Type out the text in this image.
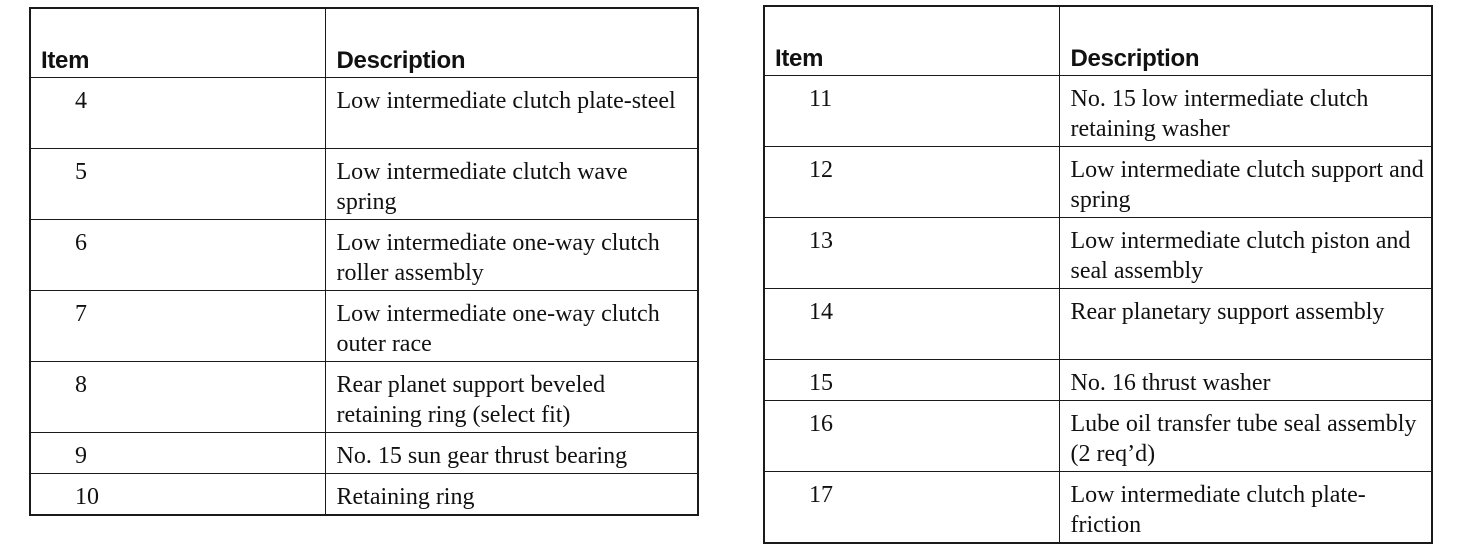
Item	Description
4	Low intermediate clutch plate-steel
5	Low intermediate clutch wave spring
6	Low intermediate one-way clutch roller assembly
7	Low intermediate one-way clutch outer race
8	Rear planet support beveled retaining ring (select fit)
9	No. 15 sun gear thrust bearing
10	Retaining ring
Item	Description
11	No. 15 low intermediate clutch retaining washer
12	Low intermediate clutch support and spring
13	Low intermediate clutch piston and seal assembly
14	Rear planetary support assembly
15	No. 16 thrust washer
16	Lube oil transfer tube seal assembly (2 req’d)
17	Low intermediate clutch plate-friction
